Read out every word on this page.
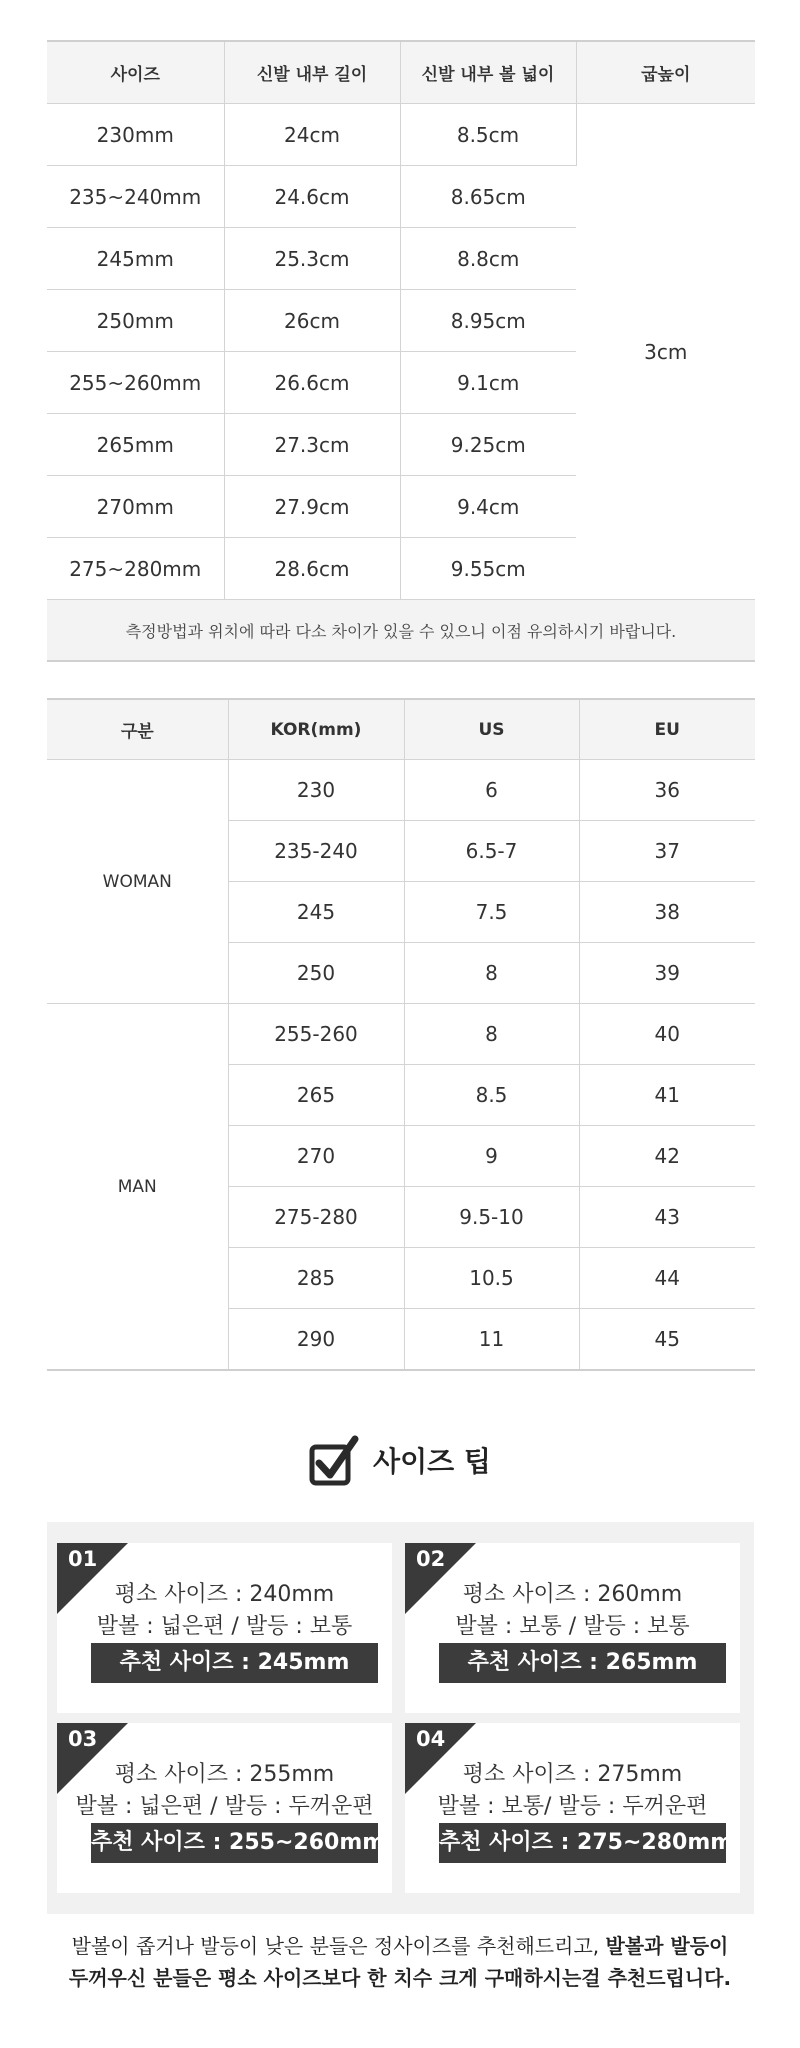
사이즈	신발 내부 길이	신발 내부 볼 넓이	굽높이
230mm	24cm	8.5cm	3cm
235~240mm	24.6cm	8.65cm	
245mm	25.3cm	8.8cm	
250mm	26cm	8.95cm	
255~260mm	26.6cm	9.1cm	
265mm	27.3cm	9.25cm	
270mm	27.9cm	9.4cm	
275~280mm	28.6cm	9.55cm	
측정방법과 위치에 따라 다소 차이가 있을 수 있으니 이점 유의하시기 바랍니다.			
구분	KOR(mm)	US	EU
WOMAN	230	6	36
	235-240	6.5-7	37
	245	7.5	38
	250	8	39
MAN	255-260	8	40
	265	8.5	41
	270	9	42
	275-280	9.5-10	43
	285	10.5	44
	290	11	45
사이즈 팁
01
평소 사이즈 : 240mm
발볼 : 넓은편 / 발등 : 보통
추천 사이즈 : 245mm
02
평소 사이즈 : 260mm
발볼 : 보통 / 발등 : 보통
추천 사이즈 : 265mm
03
평소 사이즈 : 255mm
발볼 : 넓은편 / 발등 : 두꺼운편
추천 사이즈 : 255~260mm
04
평소 사이즈 : 275mm
발볼 : 보통/ 발등 : 두꺼운편
추천 사이즈 : 275~280mm
발볼이 좁거나 발등이 낮은 분들은 정사이즈를 추천해드리고, 발볼과 발등이
두꺼우신 분들은 평소 사이즈보다 한 치수 크게 구매하시는걸 추천드립니다.
